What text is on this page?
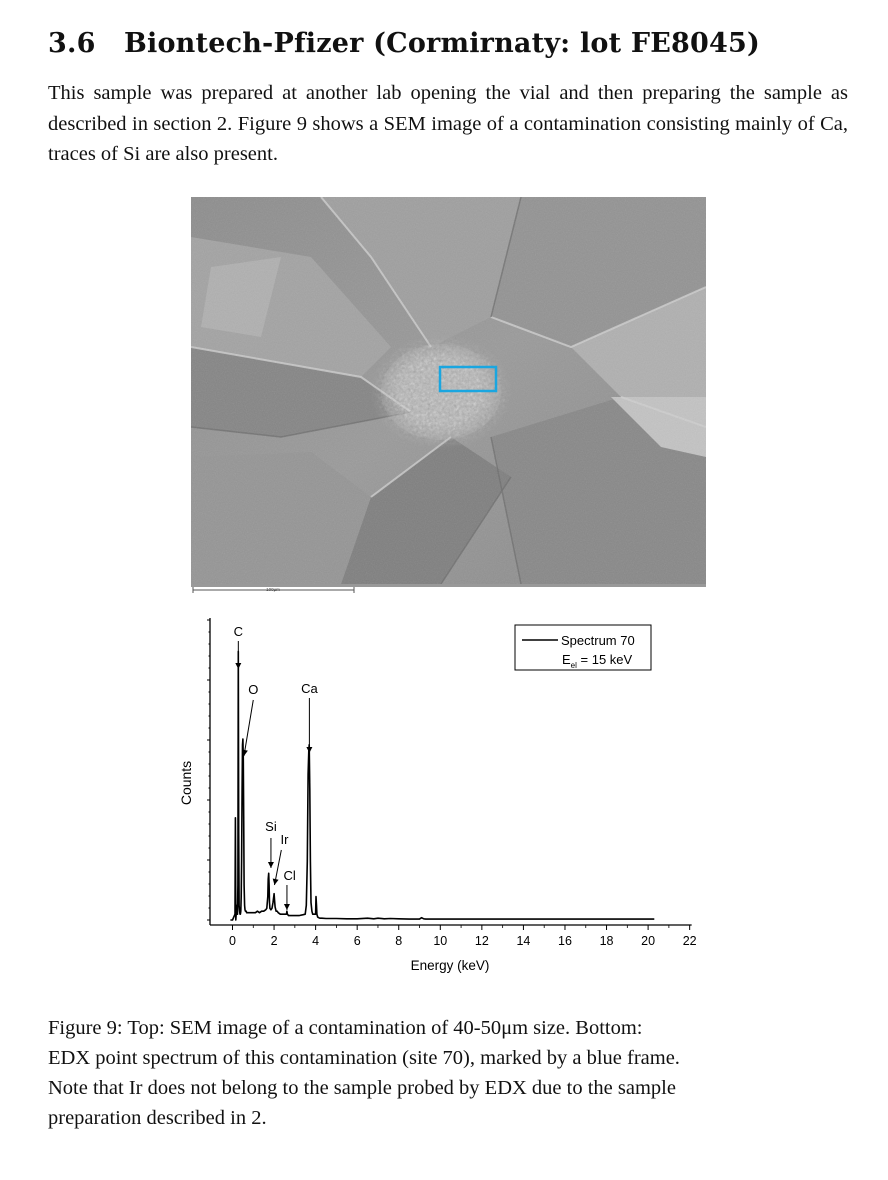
3.6 Biontech-Pfizer (Cormirnaty: lot FE8045)
This sample was prepared at another lab opening the vial and then preparing the sample as described in section 2. Figure 9 shows a SEM image of a contamination consisting mainly of Ca, traces of Si are also present.
100µm
0	2	4	6	8 10 12 14 16 18 20 22
Counts
Energy (keV)
C
O
Si
Ir
Cl
Ca
Spectrum 70
$E_{el} = 15$ keV
Figure 9: Top: SEM image of a contamination of 40-50μm size. Bottom:
EDX point spectrum of this contamination (site 70), marked by a blue frame.
Note that Ir does not belong to the sample probed by EDX due to the sample
preparation described in 2.
